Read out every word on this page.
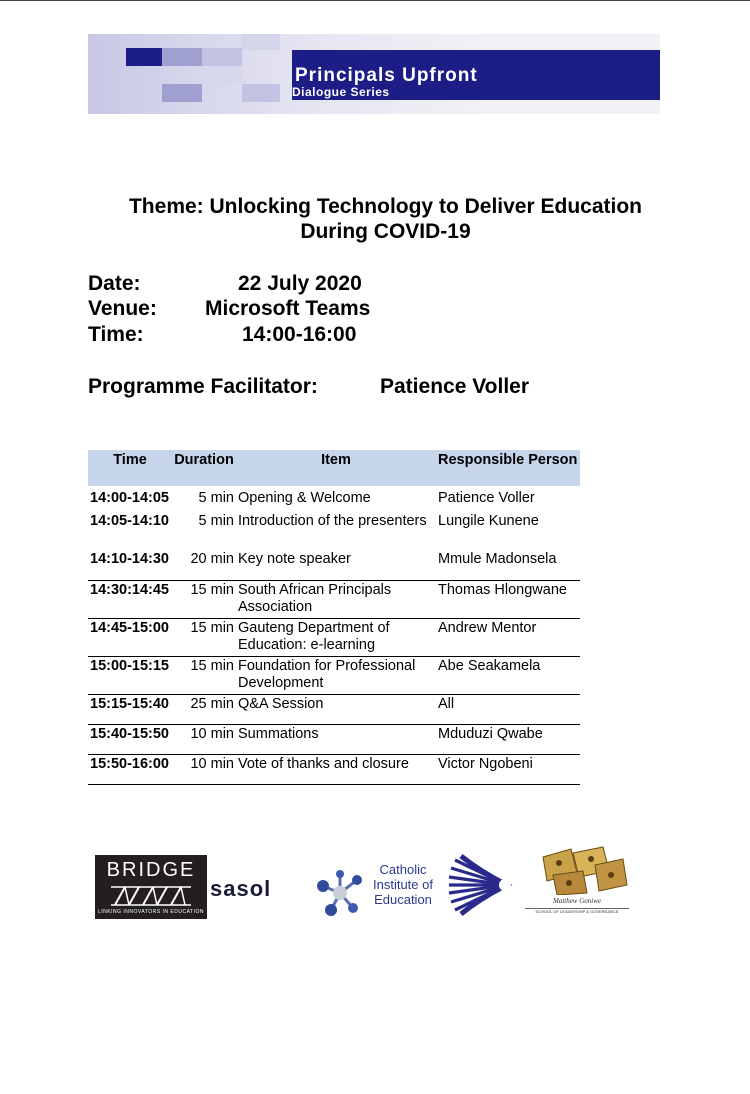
Principals Upfront
Dialogue Series
Theme: Unlocking Technology to Deliver Education
During COVID-19
Date:	22 July 2020
Venue: Microsoft Teams
Time:	14:00-16:00
Programme Facilitator:	Patience Voller
Time	Duration	Item	Responsible Person
14:00-14:05	5 min	Opening & Welcome	Patience Voller
14:05-14:10	5 min	Introduction of the presenters	Lungile Kunene
14:10-14:30	20 min	Key note speaker	Mmule Madonsela
14:30:14:45	15 min	South African Principals Association	Thomas Hlongwane
14:45-15:00	15 min	Gauteng Department of Education: e-learning	Andrew Mentor
15:00-15:15	15 min	Foundation for Professional Development	Abe Seakamela
15:15-15:40	25 min	Q&A Session	All
15:40-15:50	10 min	Summations	Mduduzi Qwabe
15:50-16:00	10 min	Vote of thanks and closure	Victor Ngobeni
BRIDGE
LINKING INNOVATORS IN EDUCATION
sasol
Catholic
Institute of
Education	Matthew Goniwe
SCHOOL OF LEADERSHIP & GOVERNANCE
